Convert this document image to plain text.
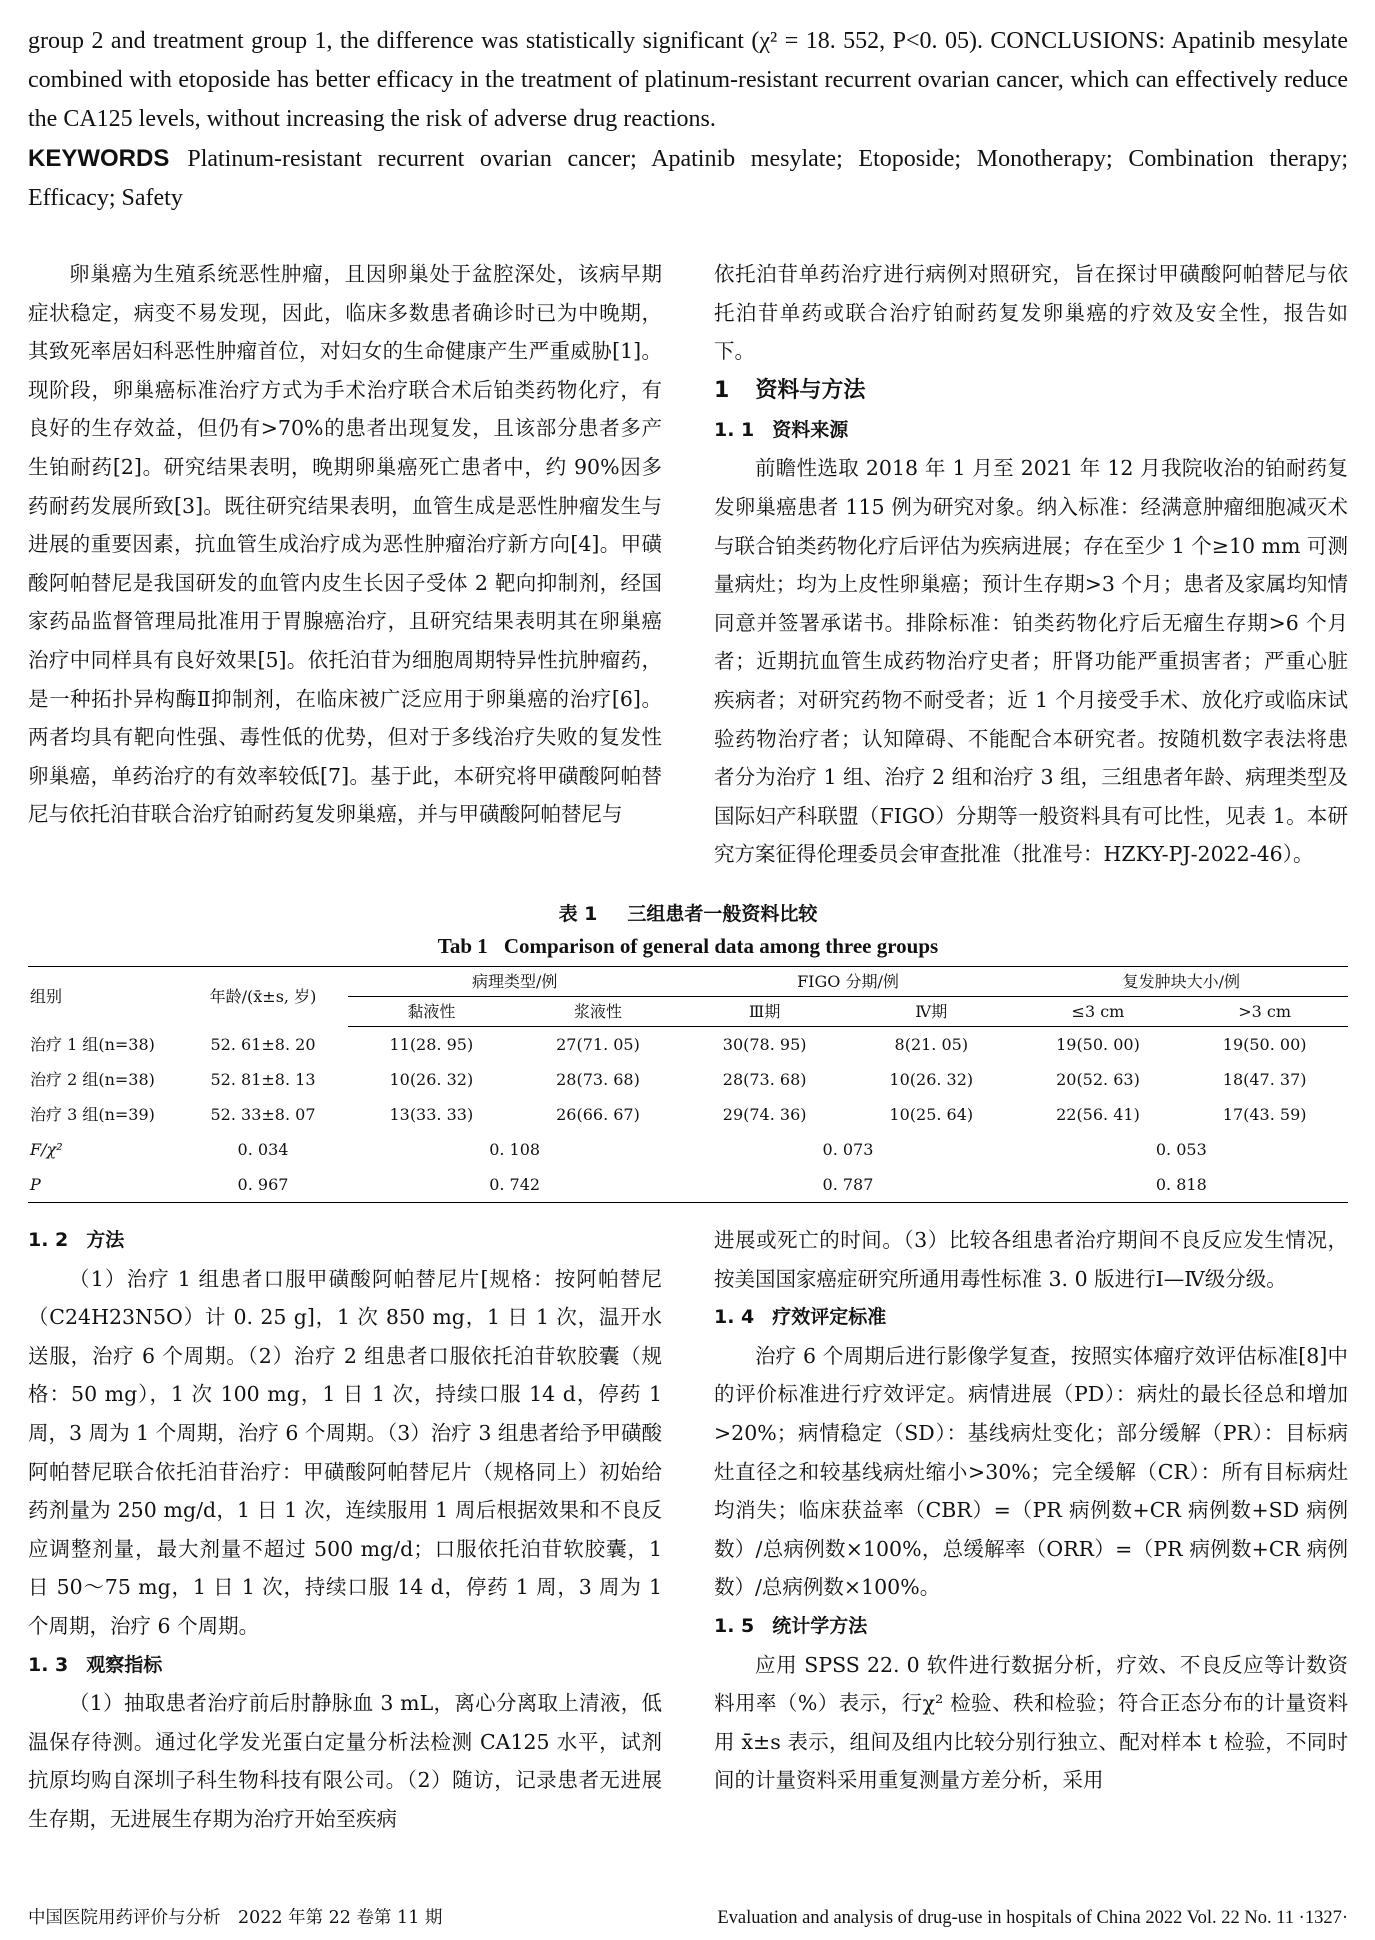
group 2 and treatment group 1, the difference was statistically significant (χ² = 18. 552, P<0. 05). CONCLUSIONS: Apatinib mesylate combined with etoposide has better efficacy in the treatment of platinum-resistant recurrent ovarian cancer, which can effectively reduce the CA125 levels, without increasing the risk of adverse drug reactions.

KEYWORDS Platinum-resistant recurrent ovarian cancer; Apatinib mesylate; Etoposide; Monotherapy; Combination therapy; Efficacy; Safety

卵巢癌为生殖系统恶性肿瘤，且因卵巢处于盆腔深处，该病早期症状稳定，病变不易发现，因此，临床多数患者确诊时已为中晚期，其致死率居妇科恶性肿瘤首位，对妇女的生命健康产生严重威胁[1]。现阶段，卵巢癌标准治疗方式为手术治疗联合术后铂类药物化疗，有良好的生存效益，但仍有>70%的患者出现复发，且该部分患者多产生铂耐药[2]。研究结果表明，晚期卵巢癌死亡患者中，约 90%因多药耐药发展所致[3]。既往研究结果表明，血管生成是恶性肿瘤发生与进展的重要因素，抗血管生成治疗成为恶性肿瘤治疗新方向[4]。甲磺酸阿帕替尼是我国研发的血管内皮生长因子受体 2 靶向抑制剂，经国家药品监督管理局批准用于胃腺癌治疗，且研究结果表明其在卵巢癌治疗中同样具有良好效果[5]。依托泊苷为细胞周期特异性抗肿瘤药，是一种拓扑异构酶Ⅱ抑制剂，在临床被广泛应用于卵巢癌的治疗[6]。两者均具有靶向性强、毒性低的优势，但对于多线治疗失败的复发性卵巢癌，单药治疗的有效率较低[7]。基于此，本研究将甲磺酸阿帕替尼与依托泊苷联合治疗铂耐药复发卵巢癌，并与甲磺酸阿帕替尼与

依托泊苷单药治疗进行病例对照研究，旨在探讨甲磺酸阿帕替尼与依托泊苷单药或联合治疗铂耐药复发卵巢癌的疗效及安全性，报告如下。

1 资料与方法
1. 1 资料来源

前瞻性选取 2018 年 1 月至 2021 年 12 月我院收治的铂耐药复发卵巢癌患者 115 例为研究对象。纳入标准：经满意肿瘤细胞减灭术与联合铂类药物化疗后评估为疾病进展；存在至少 1 个≥10 mm 可测量病灶；均为上皮性卵巢癌；预计生存期>3 个月；患者及家属均知情同意并签署承诺书。排除标准：铂类药物化疗后无瘤生存期>6 个月者；近期抗血管生成药物治疗史者；肝肾功能严重损害者；严重心脏疾病者；对研究药物不耐受者；近 1 个月接受手术、放化疗或临床试验药物治疗者；认知障碍、不能配合本研究者。按随机数字表法将患者分为治疗 1 组、治疗 2 组和治疗 3 组，三组患者年龄、病理类型及国际妇产科联盟（FIGO）分期等一般资料具有可比性，见表 1。本研究方案征得伦理委员会审查批准（批准号：HZKY-PJ-2022-46）。

表 1 三组患者一般资料比较
Tab 1 Comparison of general data among three groups
组别	年龄/(x̄±s, 岁)	病理类型/例		FIGO 分期/例		复发肿块大小/例	
		黏液性	浆液性	Ⅲ期	Ⅳ期	≤3 cm	>3 cm
治疗 1 组(n=38)	52. 61±8. 20	11(28. 95)	27(71. 05)	30(78. 95)	8(21. 05)	19(50. 00)	19(50. 00)
治疗 2 组(n=38)	52. 81±8. 13	10(26. 32)	28(73. 68)	28(73. 68)	10(26. 32)	20(52. 63)	18(47. 37)
治疗 3 组(n=39)	52. 33±8. 07	13(33. 33)	26(66. 67)	29(74. 36)	10(25. 64)	22(56. 41)	17(43. 59)
F/χ²	0. 034	0. 108		0. 073		0. 053	
P	0. 967	0. 742		0. 787		0. 818	
1. 2 方法

（1）治疗 1 组患者口服甲磺酸阿帕替尼片[规格：按阿帕替尼（C24H23N5O）计 0. 25 g]，1 次 850 mg，1 日 1 次，温开水送服，治疗 6 个周期。（2）治疗 2 组患者口服依托泊苷软胶囊（规格：50 mg），1 次 100 mg，1 日 1 次，持续口服 14 d，停药 1 周，3 周为 1 个周期，治疗 6 个周期。（3）治疗 3 组患者给予甲磺酸阿帕替尼联合依托泊苷治疗：甲磺酸阿帕替尼片（规格同上）初始给药剂量为 250 mg/d，1 日 1 次，连续服用 1 周后根据效果和不良反应调整剂量，最大剂量不超过 500 mg/d；口服依托泊苷软胶囊，1 日 50～75 mg，1 日 1 次，持续口服 14 d，停药 1 周，3 周为 1 个周期，治疗 6 个周期。

1. 3 观察指标

（1）抽取患者治疗前后肘静脉血 3 mL，离心分离取上清液，低温保存待测。通过化学发光蛋白定量分析法检测 CA125 水平，试剂抗原均购自深圳子科生物科技有限公司。（2）随访，记录患者无进展生存期，无进展生存期为治疗开始至疾病

进展或死亡的时间。（3）比较各组患者治疗期间不良反应发生情况，按美国国家癌症研究所通用毒性标准 3. 0 版进行Ⅰ—Ⅳ级分级。

1. 4 疗效评定标准

治疗 6 个周期后进行影像学复查，按照实体瘤疗效评估标准[8]中的评价标准进行疗效评定。病情进展（PD）：病灶的最长径总和增加>20%；病情稳定（SD）：基线病灶变化；部分缓解（PR）：目标病灶直径之和较基线病灶缩小>30%；完全缓解（CR）：所有目标病灶均消失；临床获益率（CBR）=（PR 病例数+CR 病例数+SD 病例数）/总病例数×100%，总缓解率（ORR）=（PR 病例数+CR 病例数）/总病例数×100%。

1. 5 统计学方法

应用 SPSS 22. 0 软件进行数据分析，疗效、不良反应等计数资料用率（%）表示，行χ² 检验、秩和检验；符合正态分布的计量资料用 x̄±s 表示，组间及组内比较分别行独立、配对样本 t 检验，不同时间的计量资料采用重复测量方差分析，采用

中国医院用药评价与分析　2022 年第 22 卷第 11 期	Evaluation and analysis of drug-use in hospitals of China 2022 Vol. 22 No. 11 ·1327·
